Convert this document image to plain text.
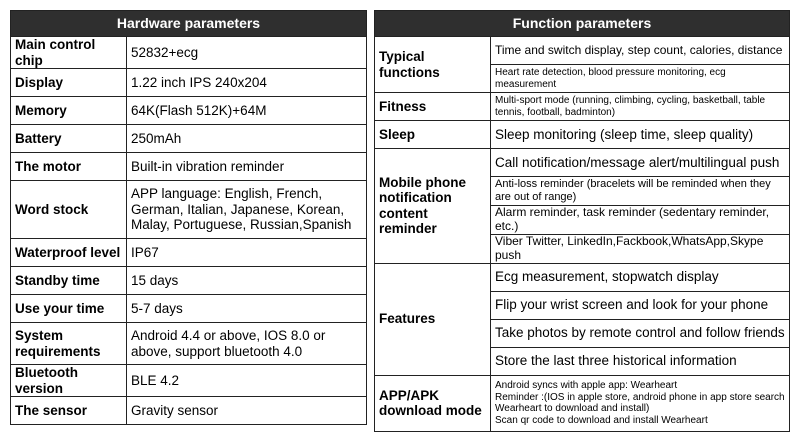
Hardware parameters	
Main control chip	52832+ecg
Display	1.22 inch IPS 240x204
Memory	64K(Flash 512K)+64M
Battery	250mAh
The motor	Built-in vibration reminder
Word stock	APP language: English, French, German, Italian, Japanese, Korean, Malay, Portuguese, Russian,Spanish
Waterproof level	IP67
Standby time	15 days
Use your time	5-7 days
System requirements	Android 4.4 or above, IOS 8.0 or above, support bluetooth 4.0
Bluetooth version	BLE 4.2
The sensor	Gravity sensor
Function parameters	
Typical functions	Time and switch display, step count, calories, distance
	Heart rate detection, blood pressure monitoring, ecg measurement
Fitness	Multi-sport mode (running, climbing, cycling, basketball, table tennis, football, badminton)
Sleep	Sleep monitoring (sleep time, sleep quality)
Mobile phone notification content reminder	Call notification/message alert/multilingual push
	Anti-loss reminder (bracelets will be reminded when they are out of range)
	Alarm reminder, task reminder (sedentary reminder, etc.)
	Viber Twitter, LinkedIn,Fackbook,WhatsApp,Skype push
Features	Ecg measurement, stopwatch display
	Flip your wrist screen and look for your phone
	Take photos by remote control and follow friends
	Store the last three historical information
APP/APK download mode	Android syncs with apple app: Wearheart
Reminder :(IOS in apple store, android phone in app store search Wearheart to download and install)
Scan qr code to download and install Wearheart
